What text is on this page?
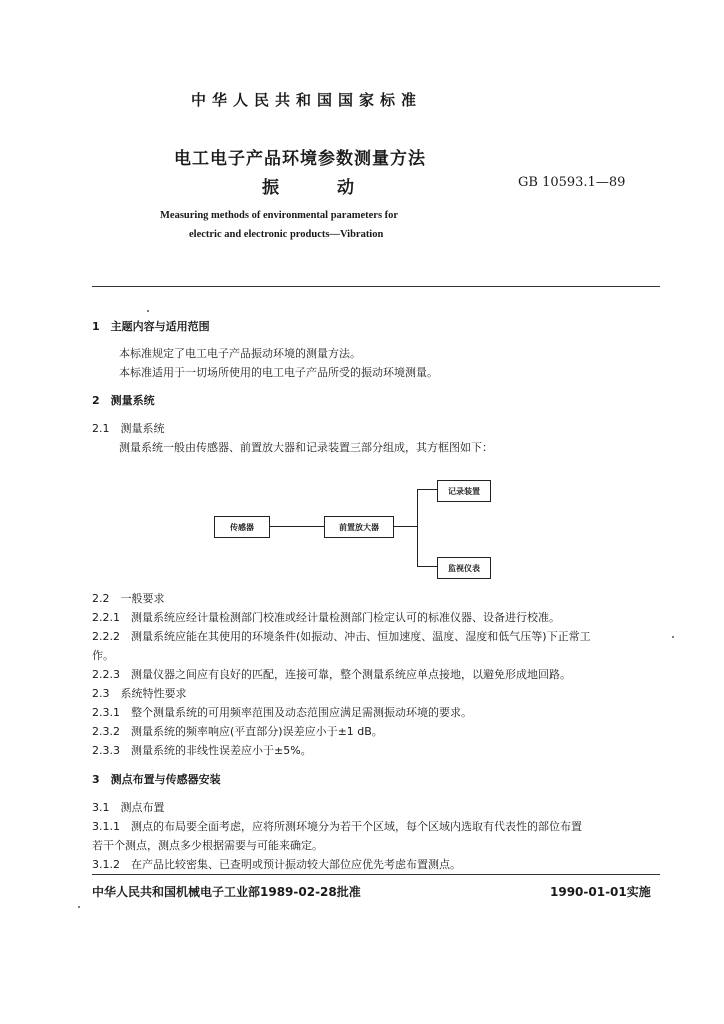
中华人民共和国国家标准
电工电子产品环境参数测量方法
振动	GB 10593.1—89
Measuring methods of environmental parameters for
electric and electronic products—Vibration
1　主题内容与适用范围
本标准规定了电工电子产品振动环境的测量方法。
本标准适用于一切场所使用的电工电子产品所受的振动环境测量。
2　测量系统
2.1　测量系统
测量系统一般由传感器、前置放大器和记录装置三部分组成，其方框图如下：
传感器	前置放大器
记录装置
监视仪表
2.2　一般要求
2.2.1　测量系统应经计量检测部门校准或经计量检测部门检定认可的标准仪器、设备进行校准。
2.2.2　测量系统应能在其使用的环境条件(如振动、冲击、恒加速度、温度、湿度和低气压等)下正常工
作。
2.2.3　测量仪器之间应有良好的匹配，连接可靠，整个测量系统应单点接地，以避免形成地回路。
2.3　系统特性要求
2.3.1　整个测量系统的可用频率范围及动态范围应满足需测振动环境的要求。
2.3.2　测量系统的频率响应(平直部分)误差应小于±1 dB。
2.3.3　测量系统的非线性误差应小于±5%。
3　测点布置与传感器安装
3.1　测点布置
3.1.1　测点的布局要全面考虑，应将所测环境分为若干个区域，每个区域内选取有代表性的部位布置
若干个测点，测点多少根据需要与可能来确定。
3.1.2　在产品比较密集、已查明或预计振动较大部位应优先考虑布置测点。
中华人民共和国机械电子工业部1989-02-28批准	1990-01-01实施
